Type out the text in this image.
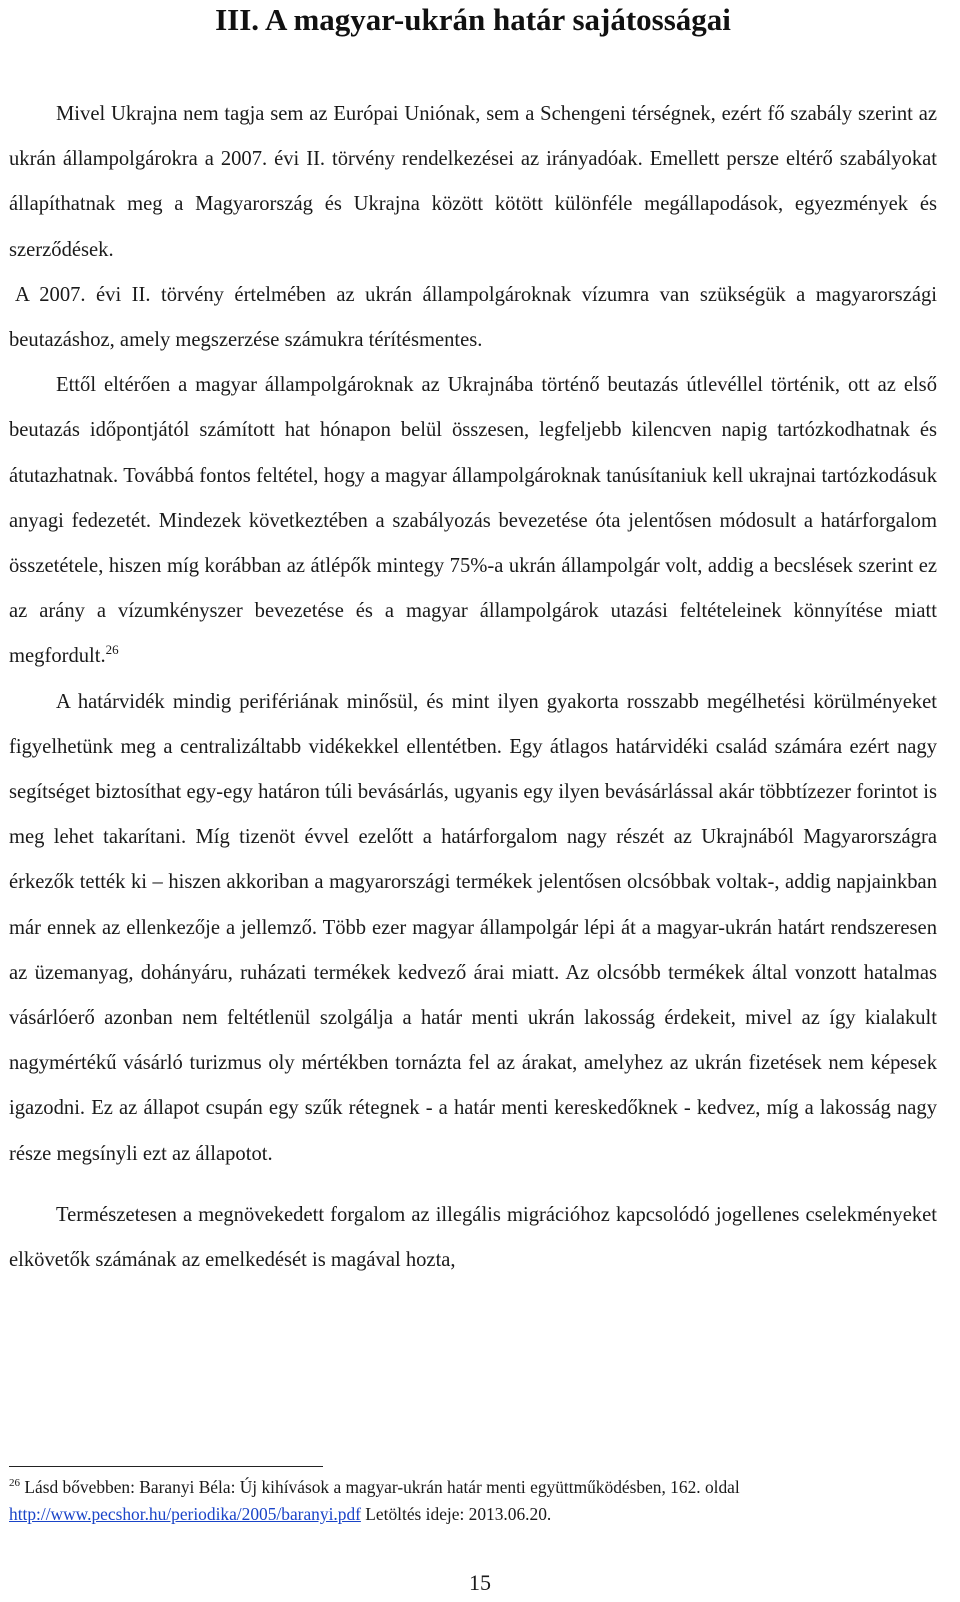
III. A magyar-ukrán határ sajátosságai

Mivel Ukrajna nem tagja sem az Európai Uniónak, sem a Schengeni térségnek, ezért fő szabály szerint az ukrán állampolgárokra a 2007. évi II. törvény rendelkezései az irányadóak. Emellett persze eltérő szabályokat állapíthatnak meg a Magyarország és Ukrajna között kötött különféle megállapodások, egyezmények és szerződések.

A 2007. évi II. törvény értelmében az ukrán állampolgároknak vízumra van szükségük a magyarországi beutazáshoz, amely megszerzése számukra térítésmentes.

Ettől eltérően a magyar állampolgároknak az Ukrajnába történő beutazás útlevéllel történik, ott az első beutazás időpontjától számított hat hónapon belül összesen, legfeljebb kilencven napig tartózkodhatnak és átutazhatnak. Továbbá fontos feltétel, hogy a magyar állampolgároknak tanúsítaniuk kell ukrajnai tartózkodásuk anyagi fedezetét. Mindezek következtében a szabályozás bevezetése óta jelentősen módosult a határforgalom összetétele, hiszen míg korábban az átlépők mintegy 75%-a ukrán állampolgár volt, addig a becslések szerint ez az arány a vízumkényszer bevezetése és a magyar állampolgárok utazási feltételeinek könnyítése miatt megfordult.$^{26}$

A határvidék mindig perifériának minősül, és mint ilyen gyakorta rosszabb megélhetési körülményeket figyelhetünk meg a centralizáltabb vidékekkel ellentétben. Egy átlagos határvidéki család számára ezért nagy segítséget biztosíthat egy-egy határon túli bevásárlás, ugyanis egy ilyen bevásárlással akár többtízezer forintot is meg lehet takarítani. Míg tizenöt évvel ezelőtt a határforgalom nagy részét az Ukrajnából Magyarországra érkezők tették ki – hiszen akkoriban a magyarországi termékek jelentősen olcsóbbak voltak-, addig napjainkban már ennek az ellenkezője a jellemző. Több ezer magyar állampolgár lépi át a magyar-ukrán határt rendszeresen az üzemanyag, dohányáru, ruházati termékek kedvező árai miatt. Az olcsóbb termékek által vonzott hatalmas vásárlóerő azonban nem feltétlenül szolgálja a határ menti ukrán lakosság érdekeit, mivel az így kialakult nagymértékű vásárló turizmus oly mértékben tornázta fel az árakat, amelyhez az ukrán fizetések nem képesek igazodni. Ez az állapot csupán egy szűk rétegnek - a határ menti kereskedőknek - kedvez, míg a lakosság nagy része megsínyli ezt az állapotot.

Természetesen a megnövekedett forgalom az illegális migrációhoz kapcsolódó jogellenes cselekményeket elkövetők számának az emelkedését is magával hozta,

$^{26}$ Lásd bővebben: Baranyi Béla: Új kihívások a magyar-ukrán határ menti együttműködésben, 162. oldal http://www.pecshor.hu/periodika/2005/baranyi.pdf Letöltés ideje: 2013.06.20.
15
